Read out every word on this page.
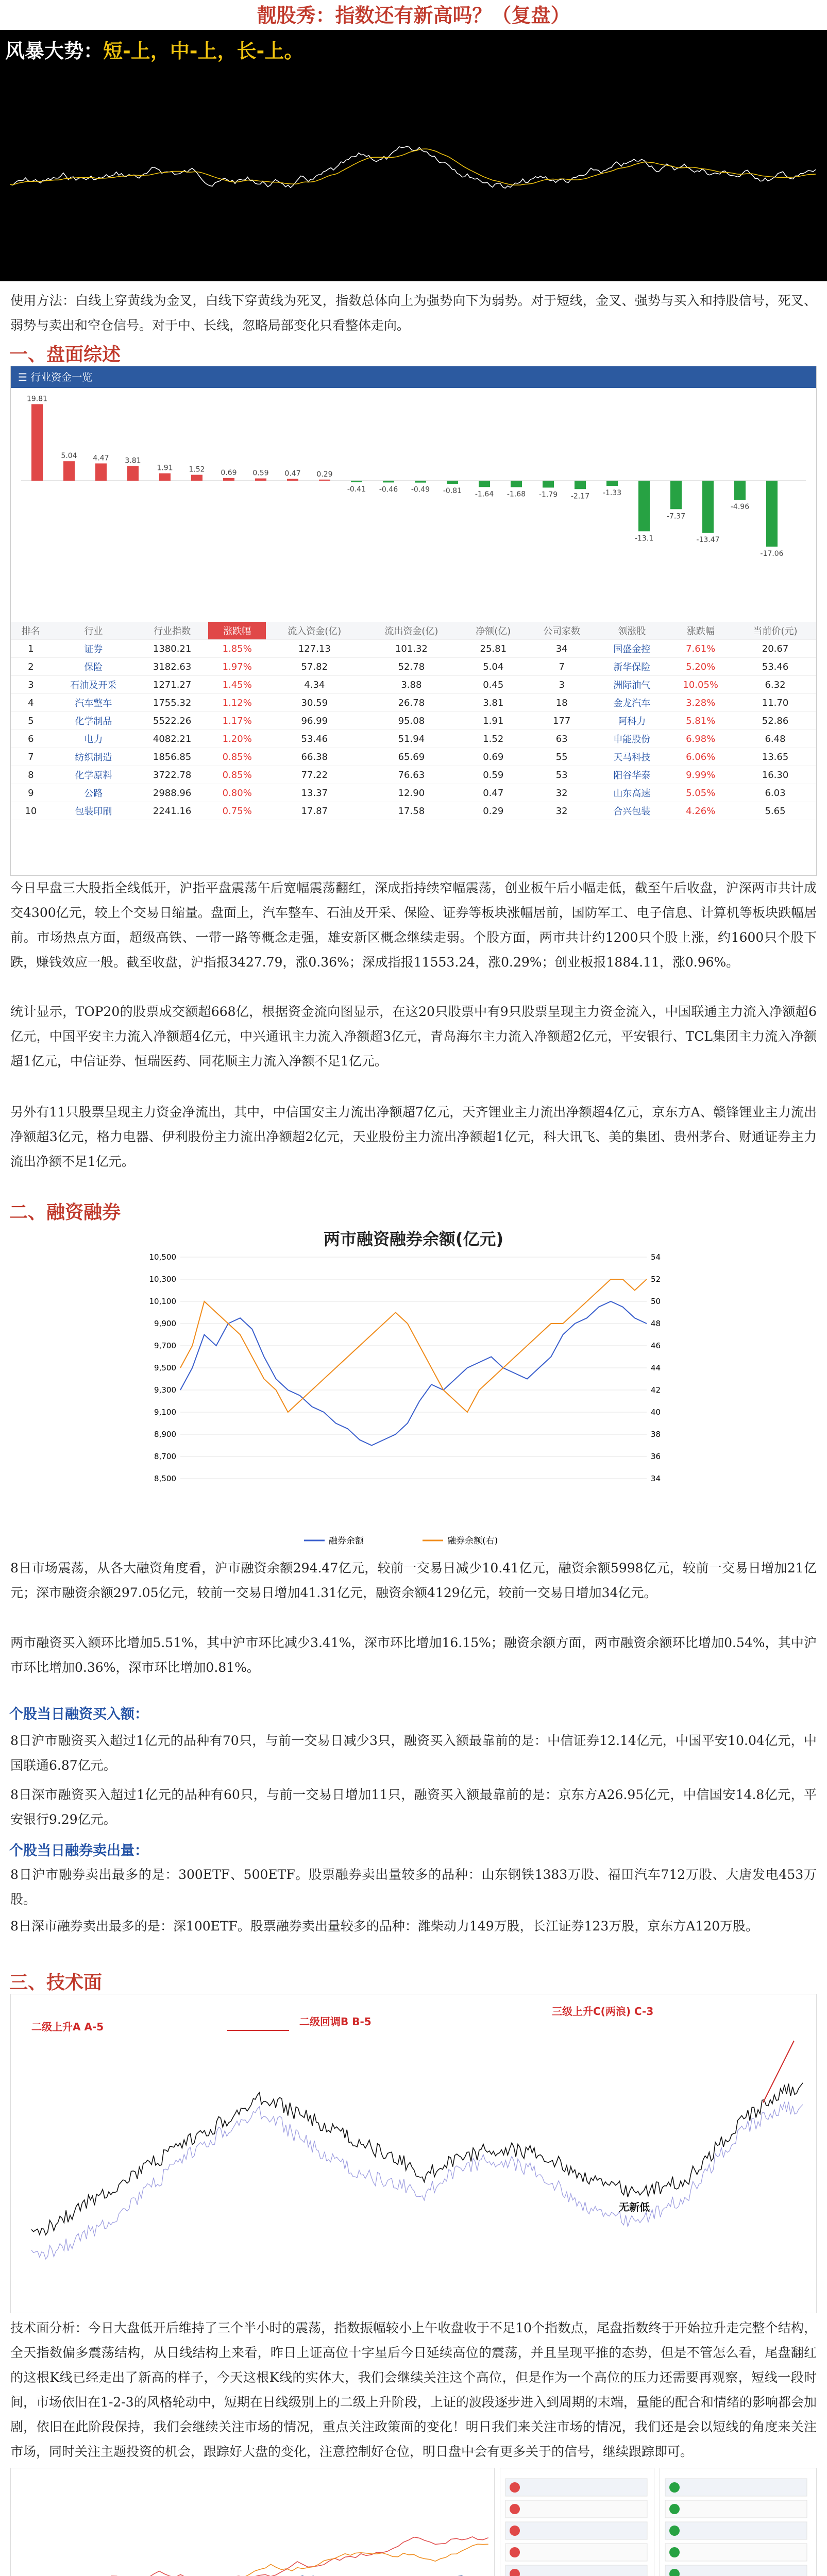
靓股秀：指数还有新高吗？（复盘）
风暴大势：短-上，中-上，长-上。
使用方法：白线上穿黄线为金叉，白线下穿黄线为死叉，指数总体向上为强势向下为弱势。对于短线，金叉、强势与买入和持股信号，死叉、弱势与卖出和空仓信号。对于中、长线，忽略局部变化只看整体走向。
一、盘面综述
☰ 行业资金一览
19.81
5.04 4.47 3.81
1.91 1.52 0.69 0.59 0.47 0.29
-0.41 -0.46 -0.49 -0.81 -1.64 -1.68 -1.79 -2.17 -1.33
-13.1
-7.37
-13.47
-4.96
-17.06
排名	行业	行业指数	涨跌幅	流入资金(亿)	流出资金(亿)	净额(亿)	公司家数	领涨股	涨跌幅	当前价(元)
1	证券	1380.21	1.85%	127.13	101.32	25.81	34	国盛金控	7.61%	20.67
2	保险	3182.63	1.97%	57.82	52.78	5.04	7	新华保险	5.20%	53.46
3	石油及开采	1271.27	1.45%	4.34	3.88	0.45	3	洲际油气	10.05%	6.32
4	汽车整车	1755.32	1.12%	30.59	26.78	3.81	18	金龙汽车	3.28%	11.70
5	化学制品	5522.26	1.17%	96.99	95.08	1.91	177	阿科力	5.81%	52.86
6	电力	4082.21	1.20%	53.46	51.94	1.52	63	申能股份	6.98%	6.48
7	纺织制造	1856.85	0.85%	66.38	65.69	0.69	55	天马科技	6.06%	13.65
8	化学原料	3722.78	0.85%	77.22	76.63	0.59	53	阳谷华泰	9.99%	16.30
9	公路	2988.96	0.80%	13.37	12.90	0.47	32	山东高速	5.05%	6.03
10	包装印刷	2241.16	0.75%	17.87	17.58	0.29	32	合兴包装	4.26%	5.65
今日早盘三大股指全线低开，沪指平盘震荡午后宽幅震荡翻红，深成指持续窄幅震荡，创业板午后小幅走低，截至午后收盘，沪深两市共计成交4300亿元，较上个交易日缩量。盘面上，汽车整车、石油及开采、保险、证券等板块涨幅居前，国防军工、电子信息、计算机等板块跌幅居前。市场热点方面，超级高铁、一带一路等概念走强，雄安新区概念继续走弱。个股方面，两市共计约1200只个股上涨，约1600只个股下跌，赚钱效应一般。截至收盘，沪指报3427.79，涨0.36%；深成指报11553.24，涨0.29%；创业板报1884.11，涨0.96%。
统计显示，TOP20的股票成交额超668亿，根据资金流向图显示，在这20只股票中有9只股票呈现主力资金流入，中国联通主力流入净额超6亿元，中国平安主力流入净额超4亿元，中兴通讯主力流入净额超3亿元，青岛海尔主力流入净额超2亿元，平安银行、TCL集团主力流入净额超1亿元，中信证券、恒瑞医药、同花顺主力流入净额不足1亿元。
另外有11只股票呈现主力资金净流出，其中，中信国安主力流出净额超7亿元，天齐锂业主力流出净额超4亿元，京东方A、赣锋锂业主力流出净额超3亿元，格力电器、伊利股份主力流出净额超2亿元，天业股份主力流出净额超1亿元，科大讯飞、美的集团、贵州茅台、财通证券主力流出净额不足1亿元。
二、融资融券
两市融资融券余额(亿元)
10,500	54
10,300	52
10,100	50
9,900	48
9,700	46
9,500	44
9,300	42
9,100	40
8,900	38
8,700	36
8,500	34
融券余额	融券余额(右)
8日市场震荡，从各大融资角度看，沪市融资余额294.47亿元，较前一交易日减少10.41亿元，融资余额5998亿元，较前一交易日增加21亿元；深市融资余额297.05亿元，较前一交易日增加41.31亿元，融资余额4129亿元，较前一交易日增加34亿元。
两市融资买入额环比增加5.51%，其中沪市环比减少3.41%，深市环比增加16.15%；融资余额方面，两市融资余额环比增加0.54%，其中沪市环比增加0.36%，深市环比增加0.81%。
个股当日融资买入额：
8日沪市融资买入超过1亿元的品种有70只，与前一交易日减少3只，融资买入额最靠前的是：中信证券12.14亿元，中国平安10.04亿元，中国联通6.87亿元。
8日深市融资买入超过1亿元的品种有60只，与前一交易日增加11只，融资买入额最靠前的是：京东方A26.95亿元，中信国安14.8亿元，平安银行9.29亿元。
个股当日融券卖出量：
8日沪市融券卖出最多的是：300ETF、500ETF。股票融券卖出量较多的品种：山东钢铁1383万股、福田汽车712万股、大唐发电453万股。
8日深市融券卖出最多的是：深100ETF。股票融券卖出量较多的品种：潍柴动力149万股，长江证券123万股，京东方A120万股。
三、技术面
二级上升A A-5	二级回调B B-5
三级上升C(两浪) C-3
无新低
技术面分析：今日大盘低开后维持了三个半小时的震荡，指数振幅较小上午收盘收于不足10个指数点，尾盘指数终于开始拉升走完整个结构，全天指数偏多震荡结构，从日线结构上来看，昨日上证高位十字星后今日延续高位的震荡，并且呈现平推的态势，但是不管怎么看，尾盘翻红的这根K线已经走出了新高的样子，今天这根K线的实体大，我们会继续关注这个高位，但是作为一个高位的压力还需要再观察，短线一段时间，市场依旧在1-2-3的风格轮动中，短期在日线级别上的二级上升阶段，上证的波段逐步进入到周期的末端，量能的配合和情绪的影响都会加剧，依旧在此阶段保持，我们会继续关注市场的情况，重点关注政策面的变化！明日我们来关注市场的情况，我们还是会以短线的角度来关注市场，同时关注主题投资的机会，跟踪好大盘的变化，注意控制好仓位，明日盘中会有更多关于的信号，继续跟踪即可。
